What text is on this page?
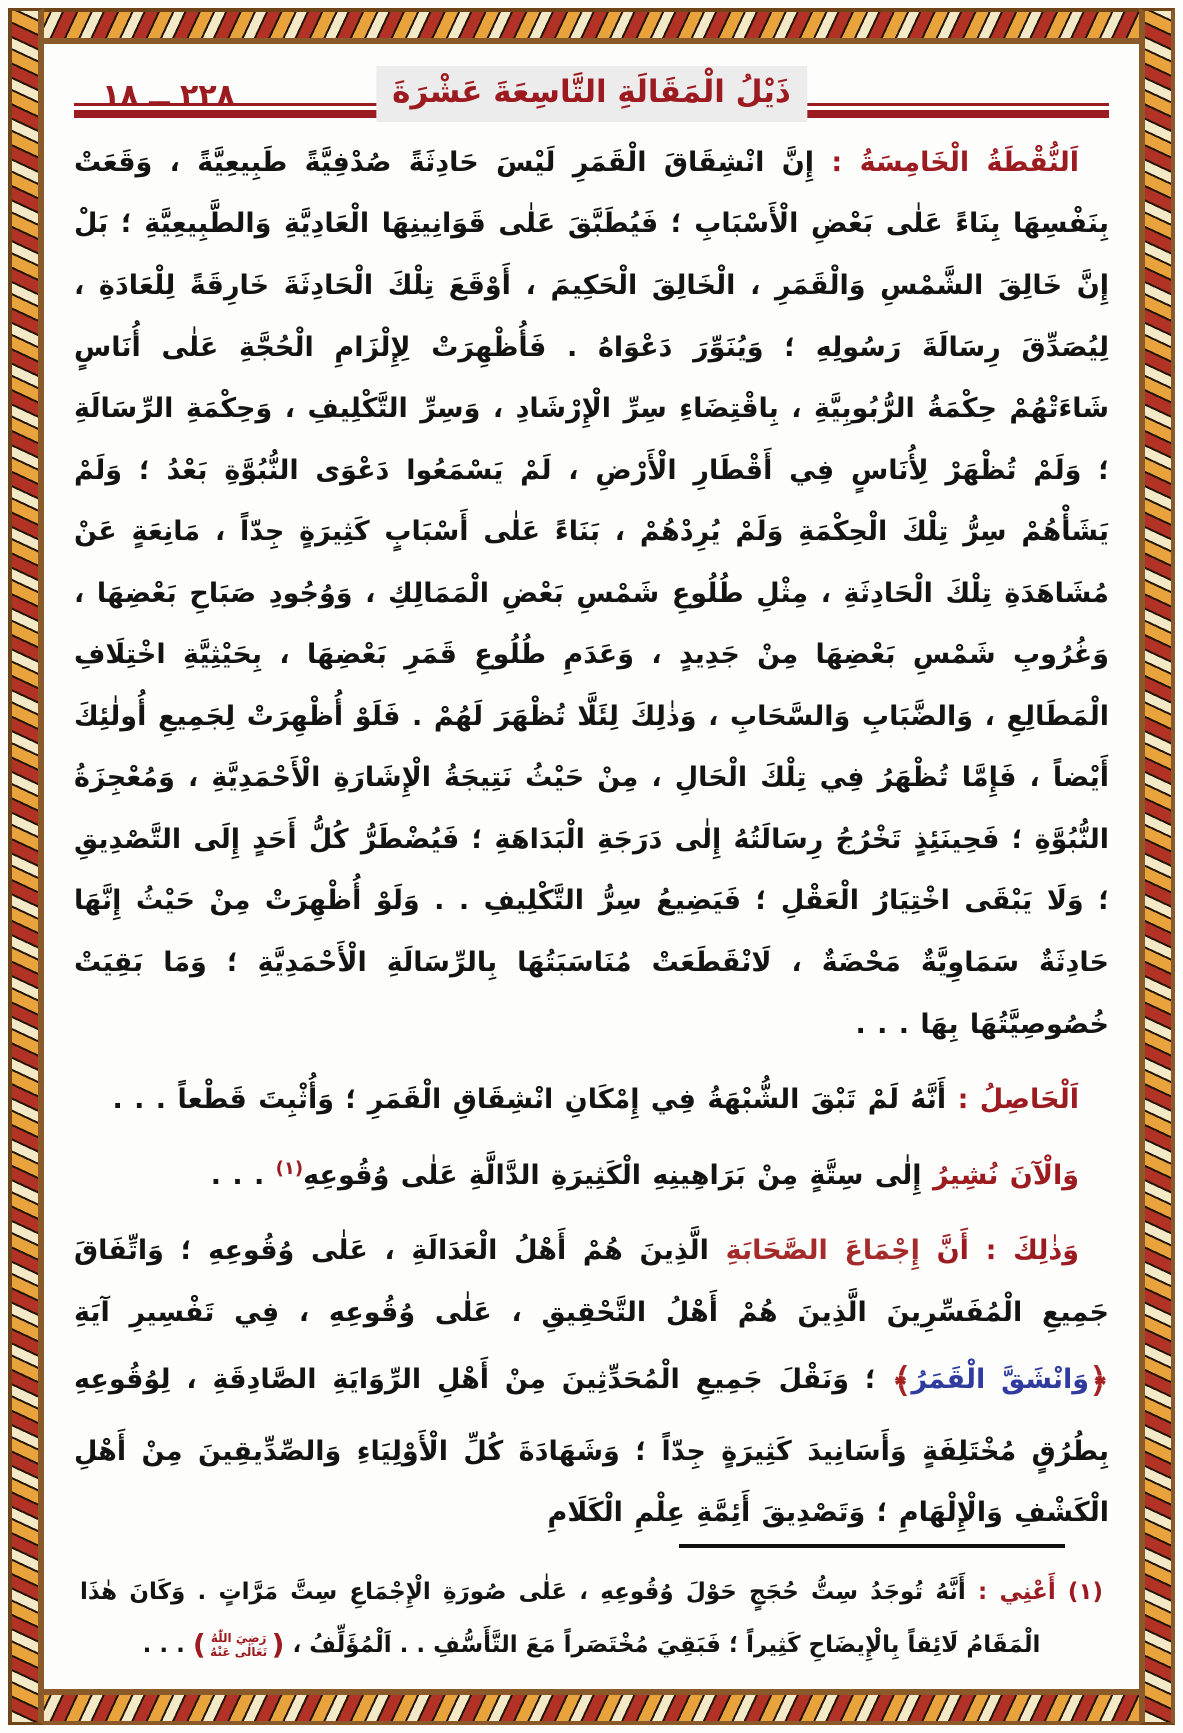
ذَيْلُ الْمَقَالَةِ التَّاسِعَةَ عَشْرَةَ
٢٢٨ ــ ١٨

اَلنُّقْطَةُ الْخَامِسَةُ : إِنَّ انْشِقَاقَ الْقَمَرِ لَيْسَ حَادِثَةً صُدْفِيَّةً طَبِيعِيَّةً ، وَقَعَتْ بِنَفْسِهَا بِنَاءً عَلٰى بَعْضِ الْأَسْبَابِ ؛ فَيُطَبَّقَ عَلٰى قَوَانِينِهَا الْعَادِيَّةِ وَالطَّبِيعِيَّةِ ؛ بَلْ إِنَّ خَالِقَ الشَّمْسِ وَالْقَمَرِ ، الْخَالِقَ الْحَكِيمَ ، أَوْقَعَ تِلْكَ الْحَادِثَةَ خَارِقَةً لِلْعَادَةِ ، لِيُصَدِّقَ رِسَالَةَ رَسُولِهِ ؛ وَيُنَوِّرَ دَعْوَاهُ . فَأُظْهِرَتْ لِإِلْزَامِ الْحُجَّةِ عَلٰى أُنَاسٍ شَاءَتْهُمْ حِكْمَةُ الرُّبُوبِيَّةِ ، بِاقْتِضَاءِ سِرِّ الْإِرْشَادِ ، وَسِرِّ التَّكْلِيفِ ، وَحِكْمَةِ الرِّسَالَةِ ؛ وَلَمْ تُظْهَرْ لِأُنَاسٍ فِي أَقْطَارِ الْأَرْضِ ، لَمْ يَسْمَعُوا دَعْوَى النُّبُوَّةِ بَعْدُ ؛ وَلَمْ يَشَأْهُمْ سِرُّ تِلْكَ الْحِكْمَةِ وَلَمْ يُرِدْهُمْ ، بَنَاءً عَلٰى أَسْبَابٍ كَثِيرَةٍ جِدّاً ، مَانِعَةٍ عَنْ مُشَاهَدَةِ تِلْكَ الْحَادِثَةِ ، مِثْلِ طُلُوعِ شَمْسِ بَعْضِ الْمَمَالِكِ ، وَوُجُودِ صَبَاحِ بَعْضِهَا ، وَغُرُوبِ شَمْسِ بَعْضِهَا مِنْ جَدِيدٍ ، وَعَدَمِ طُلُوعِ قَمَرِ بَعْضِهَا ، بِحَيْثِيَّةِ اخْتِلَافِ الْمَطَالِعِ ، وَالضَّبَابِ وَالسَّحَابِ ، وَذٰلِكَ لِئَلَّا تُظْهَرَ لَهُمْ . فَلَوْ أُظْهِرَتْ لِجَمِيعِ أُولٰئِكَ أَيْضاً ، فَإِمَّا تُظْهَرُ فِي تِلْكَ الْحَالِ ، مِنْ حَيْثُ نَتِيجَةُ الْإِشَارَةِ الْأَحْمَدِيَّةِ ، وَمُعْجِزَةُ النُّبُوَّةِ ؛ فَحِينَئِذٍ تَخْرُجُ رِسَالَتُهُ إِلٰى دَرَجَةِ الْبَدَاهَةِ ؛ فَيُضْطَرُّ كُلُّ أَحَدٍ إِلَى التَّصْدِيقِ ؛ وَلَا يَبْقَى اخْتِيَارُ الْعَقْلِ ؛ فَيَضِيعُ سِرُّ التَّكْلِيفِ . . وَلَوْ أُظْهِرَتْ مِنْ حَيْثُ إِنَّهَا حَادِثَةٌ سَمَاوِيَّةٌ مَحْضَةٌ ، لَانْقَطَعَتْ مُنَاسَبَتُهَا بِالرِّسَالَةِ الْأَحْمَدِيَّةِ ؛ وَمَا بَقِيَتْ خُصُوصِيَّتُهَا بِهَا . . .

اَلْحَاصِلُ : أَنَّهُ لَمْ تَبْقَ الشُّبْهَةُ فِي إِمْكَانِ انْشِقَاقِ الْقَمَرِ ؛ وَأُثْبِتَ قَطْعاً . . .

وَالْآنَ نُشِيرُ إِلٰى سِتَّةٍ مِنْ بَرَاهِينِهِ الْكَثِيرَةِ الدَّالَّةِ عَلٰى وُقُوعِهِ$^{(١)}$ . . .

وَذٰلِكَ : أَنَّ إِجْمَاعَ الصَّحَابَةِ الَّذِينَ هُمْ أَهْلُ الْعَدَالَةِ ، عَلٰى وُقُوعِهِ ؛ وَاتِّفَاقَ جَمِيعِ الْمُفَسِّرِينَ الَّذِينَ هُمْ أَهْلُ التَّحْقِيقِ ، عَلٰى وُقُوعِهِ ، فِي تَفْسِيرِ آيَةِ ﴿وَانْشَقَّ الْقَمَرُ﴾ ؛ وَنَقْلَ جَمِيعِ الْمُحَدِّثِينَ مِنْ أَهْلِ الرِّوَايَةِ الصَّادِقَةِ ، لِوُقُوعِهِ بِطُرُقٍ مُخْتَلِفَةٍ وَأَسَانِيدَ كَثِيرَةٍ جِدّاً ؛ وَشَهَادَةَ كُلِّ الْأَوْلِيَاءِ وَالصِّدِّيقِينَ مِنْ أَهْلِ الْكَشْفِ وَالْإِلْهَامِ ؛ وَتَصْدِيقَ أَئِمَّةِ عِلْمِ الْكَلَامِ

(١) أَعْنِي : أَنَّهُ تُوجَدُ سِتُّ حُجَجٍ حَوْلَ وُقُوعِهِ ، عَلٰى صُورَةِ الْإِجْمَاعِ سِتَّ مَرَّاتٍ . وَكَانَ هٰذَا الْمَقَامُ لَائِقاً بِالْإِيضَاحِ كَثِيراً ؛ فَبَقِيَ مُخْتَصَراً مَعَ التَّأَسُّفِ . . اَلْمُؤَلِّفُ ، (رَضِيَ اللّٰهُ تَعَالٰى عَنْهُ) . . .
